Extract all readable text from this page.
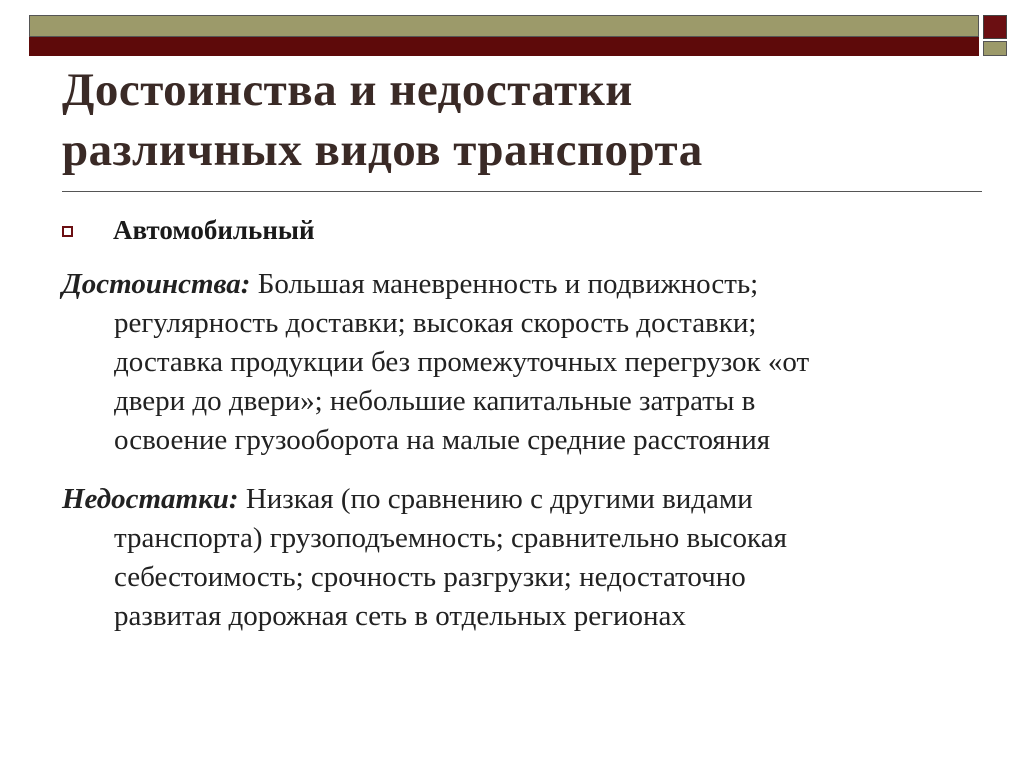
Достоинства и недостатки
различных видов транспорта
Автомобильный
Достоинства: Большая маневренность и подвижность;
регулярность доставки; высокая скорость доставки;
доставка продукции без промежуточных перегрузок «от
двери до двери»; небольшие капитальные затраты в
освоение грузооборота на малые средние расстояния
Недостатки: Низкая (по сравнению с другими видами
транспорта) грузоподъемность; сравнительно высокая
себестоимость; срочность разгрузки; недостаточно
развитая дорожная сеть в отдельных регионах
